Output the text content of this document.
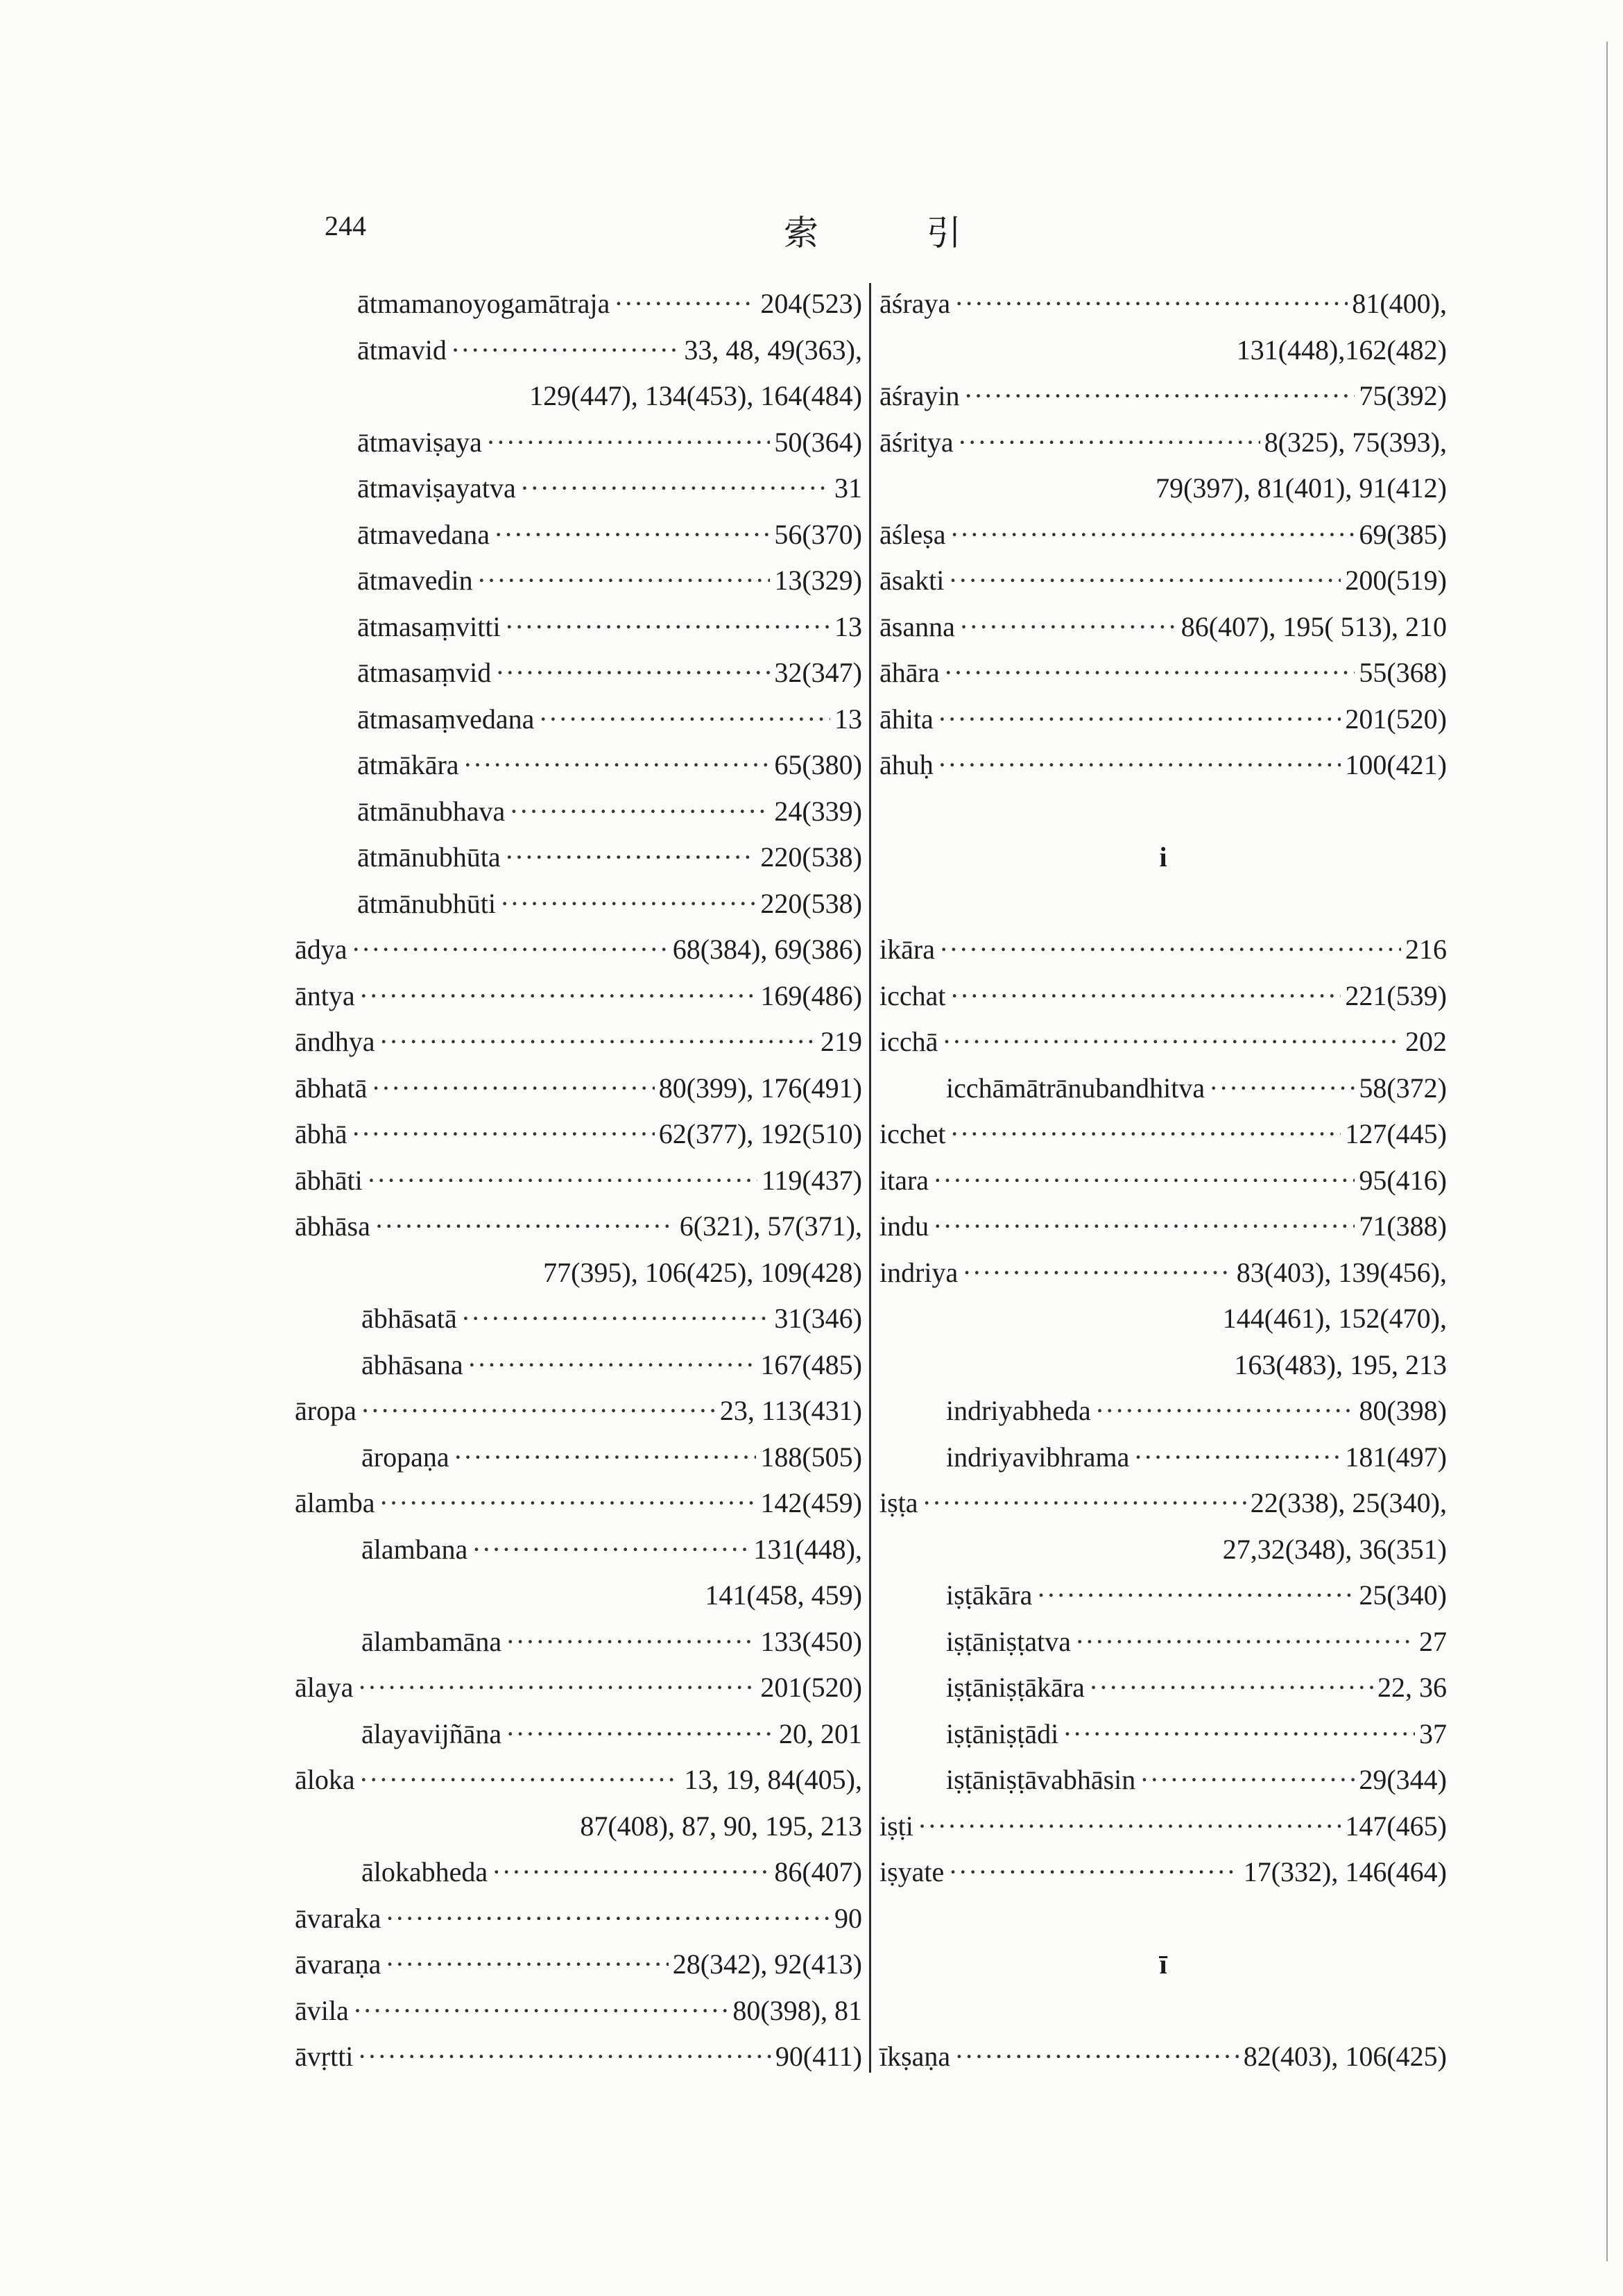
244	索 引
ātmamanoyogamātraja ·····	204(523)
ātmavid ·····	33, 48, 49(363),
129(447), 134(453), 164(484)
ātmaviṣaya ·····	50(364)
ātmaviṣayatva ·····	31
ātmavedana ·····	56(370)
ātmavedin ·····	13(329)
ātmasaṃvitti ·····	13
ātmasaṃvid ·····	32(347)
ātmasaṃvedana ·····	13
ātmākāra ·····	65(380)
ātmānubhava ·····	24(339)
ātmānubhūta ·····	220(538)
ātmānubhūti ·····	220(538)
ādya ·····	68(384), 69(386)
āntya ·····	169(486)
āndhya ·····	219
ābhatā ·····	80(399), 176(491)
ābhā ·····	62(377), 192(510)
ābhāti ·····	119(437)
ābhāsa ·····	6(321), 57(371),
77(395), 106(425), 109(428)
ābhāsatā ·····	31(346)
ābhāsana ·····	167(485)
āropa ·····	23, 113(431)
āropaṇa ·····	188(505)
ālamba ·····	142(459)
ālambana ·····	131(448),
141(458, 459)
ālambamāna ·····	133(450)
ālaya ·····	201(520)
ālayavijñāna ·····	20, 201
āloka ·····	13, 19, 84(405),
87(408), 87, 90, 195, 213
ālokabheda ·····	86(407)
āvaraka ·····	90
āvaraṇa ·····	28(342), 92(413)
āvila ·····	80(398), 81
āvṛtti ·····	90(411)
āśraya ·····	81(400),
131(448),162(482)
āśrayin ·····	75(392)
āśritya ·····	8(325), 75(393),
79(397), 81(401), 91(412)
āśleṣa ·····	69(385)
āsakti ·····	200(519)
āsanna ·····	86(407), 195( 513), 210
āhāra ·····	55(368)
āhita ·····	201(520)
āhuḥ ·····	100(421)
i
ikāra ·····	216
icchat ·····	221(539)
icchā ·····	202
icchāmātrānubandhitva ·····	58(372)
icchet ·····	127(445)
itara ·····	95(416)
indu ·····	71(388)
indriya ·····	83(403), 139(456),
144(461), 152(470),
163(483), 195, 213
indriyabheda ·····	80(398)
indriyavibhrama ·····	181(497)
iṣṭa ·····	22(338), 25(340),
27,32(348), 36(351)
iṣṭākāra ·····	25(340)
iṣṭāniṣṭatva ·····	27
iṣṭāniṣṭākāra ·····	22, 36
iṣṭāniṣṭādi ·····	37
iṣṭāniṣṭāvabhāsin ·····	29(344)
iṣṭi ·····	147(465)
iṣyate ·····	17(332), 146(464)
ī
īkṣaṇa ·····	82(403), 106(425)
